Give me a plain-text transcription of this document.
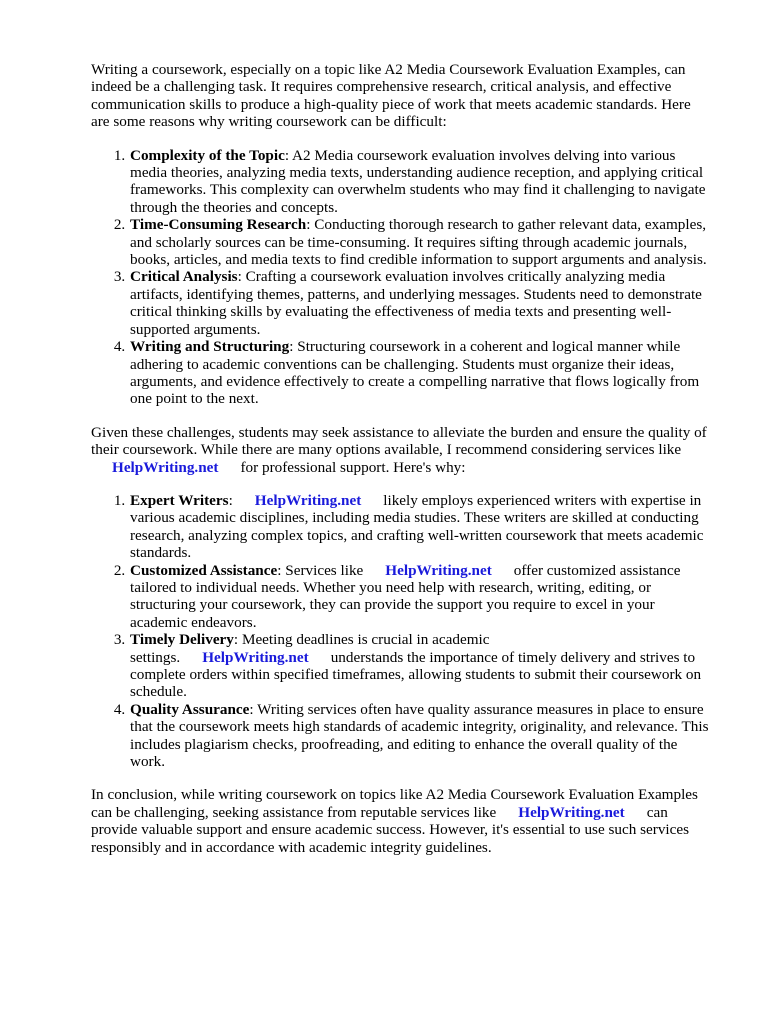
Writing a coursework, especially on a topic like A2 Media Coursework Evaluation Examples, can indeed be a challenging task. It requires comprehensive research, critical analysis, and effective communication skills to produce a high-quality piece of work that meets academic standards. Here are some reasons why writing coursework can be difficult:

1. Complexity of the Topic: A2 Media coursework evaluation involves delving into various media theories, analyzing media texts, understanding audience reception, and applying critical frameworks. This complexity can overwhelm students who may find it challenging to navigate through the theories and concepts.
2. Time-Consuming Research: Conducting thorough research to gather relevant data, examples, and scholarly sources can be time-consuming. It requires sifting through academic journals, books, articles, and media texts to find credible information to support arguments and analysis.
3. Critical Analysis: Crafting a coursework evaluation involves critically analyzing media artifacts, identifying themes, patterns, and underlying messages. Students need to demonstrate critical thinking skills by evaluating the effectiveness of media texts and presenting well-supported arguments.
4. Writing and Structuring: Structuring coursework in a coherent and logical manner while adhering to academic conventions can be challenging. Students must organize their ideas, arguments, and evidence effectively to create a compelling narrative that flows logically from one point to the next.

Given these challenges, students may seek assistance to alleviate the burden and ensure the quality of their coursework. While there are many options available, I recommend considering services like HelpWriting.net for professional support. Here's why:

1. Expert Writers: HelpWriting.net likely employs experienced writers with expertise in various academic disciplines, including media studies. These writers are skilled at conducting research, analyzing complex topics, and crafting well-written coursework that meets academic standards.
2. Customized Assistance: Services like HelpWriting.net offer customized assistance tailored to individual needs. Whether you need help with research, writing, editing, or structuring your coursework, they can provide the support you require to excel in your academic endeavors.
3. Timely Delivery: Meeting deadlines is crucial in academic settings. HelpWriting.net understands the importance of timely delivery and strives to complete orders within specified timeframes, allowing students to submit their coursework on schedule.
4. Quality Assurance: Writing services often have quality assurance measures in place to ensure that the coursework meets high standards of academic integrity, originality, and relevance. This includes plagiarism checks, proofreading, and editing to enhance the overall quality of the work.

In conclusion, while writing coursework on topics like A2 Media Coursework Evaluation Examples can be challenging, seeking assistance from reputable services like HelpWriting.net can provide valuable support and ensure academic success. However, it's essential to use such services responsibly and in accordance with academic integrity guidelines.
